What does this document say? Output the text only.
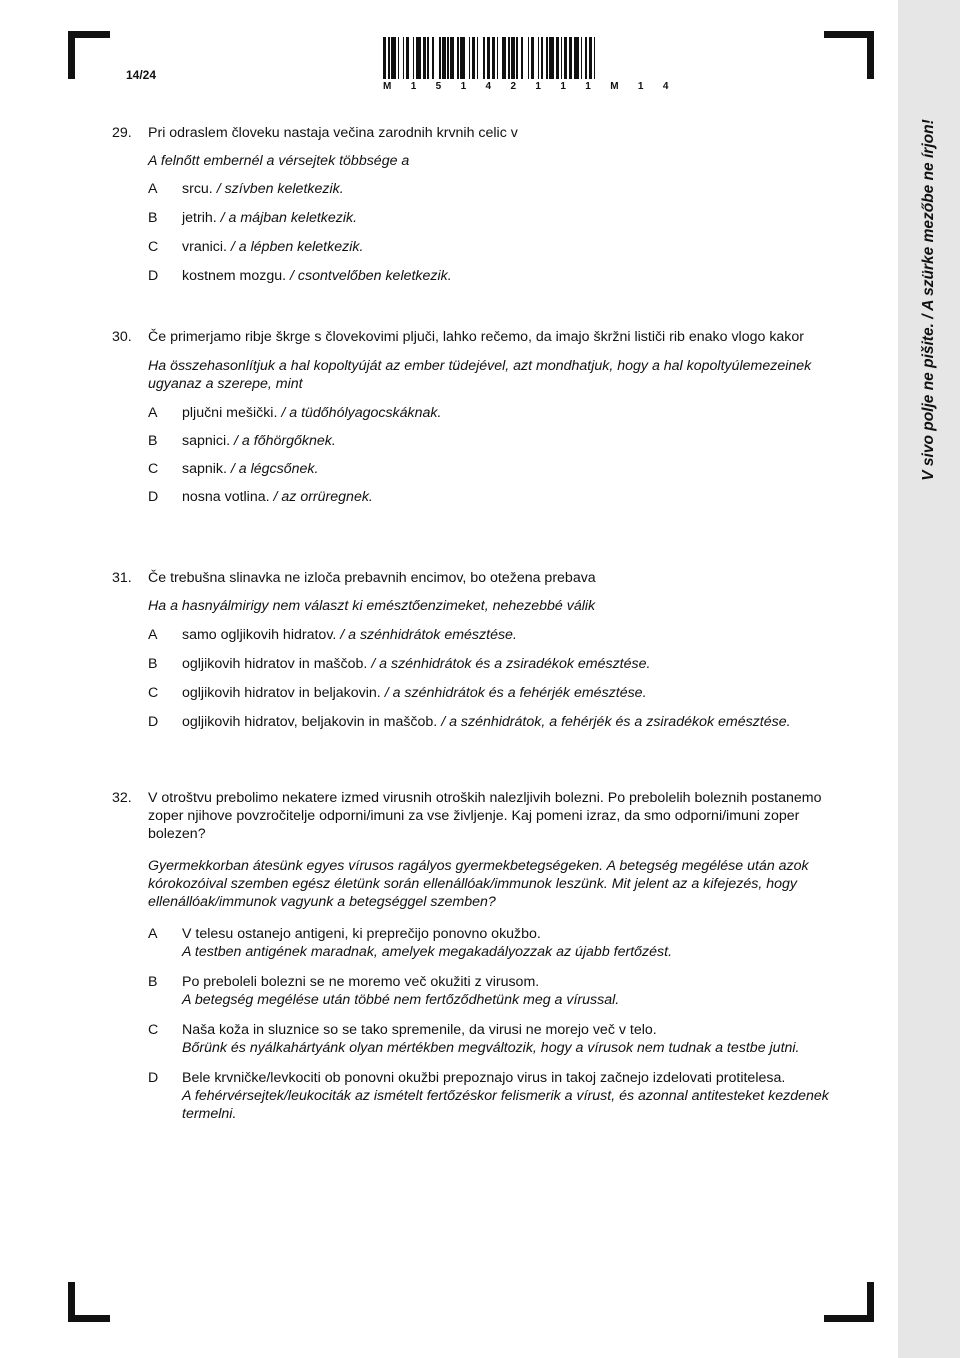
V sivo polje ne pišite. / A szürke mezőbe ne írjon!
14/24
M 1 5 1 4 2 1 1 1 M 1 4
29. Pri odraslem človeku nastaja večina zarodnih krvnih celic v

A felnőtt embernél a vérsejtek többsége a

A srcu. / szívben keletkezik.
B jetrih. / a májban keletkezik.
C vranici. / a lépben keletkezik.
D kostnem mozgu. / csontvelőben keletkezik.
30. Če primerjamo ribje škrge s človekovimi pljuči, lahko rečemo, da imajo škržni lističi rib enako vlogo kakor

Ha összehasonlítjuk a hal kopoltyúját az ember tüdejével, azt mondhatjuk, hogy a hal kopoltyúlemezeinek ugyanaz a szerepe, mint

A pljučni mešički. / a tüdőhólyagocskáknak.
B sapnici. / a főhörgőknek.
C sapnik. / a légcsőnek.
D nosna votlina. / az orrüregnek.
31. Če trebušna slinavka ne izloča prebavnih encimov, bo otežena prebava

Ha a hasnyálmirigy nem választ ki emésztőenzimeket, nehezebbé válik

A samo ogljikovih hidratov. / a szénhidrátok emésztése.
B ogljikovih hidratov in maščob. / a szénhidrátok és a zsiradékok emésztése.
C ogljikovih hidratov in beljakovin. / a szénhidrátok és a fehérjék emésztése.
D ogljikovih hidratov, beljakovin in maščob. / a szénhidrátok, a fehérjék és a zsiradékok emésztése.
32. V otroštvu prebolimo nekatere izmed virusnih otroških nalezljivih bolezni. Po prebolelih boleznih postanemo zoper njihove povzročitelje odporni/imuni za vse življenje. Kaj pomeni izraz, da smo odporni/imuni zoper bolezen?

Gyermekkorban átesünk egyes vírusos ragályos gyermekbetegségeken. A betegség megélése után azok kórokozóival szemben egész életünk során ellenállóak/immunok leszünk. Mit jelent az a kifejezés, hogy ellenállóak/immunok vagyunk a betegséggel szemben?

A V telesu ostanejo antigeni, ki preprečijo ponovno okužbo.
A testben antigének maradnak, amelyek megakadályozzak az újabb fertőzést.
B Po preboleli bolezni se ne moremo več okužiti z virusom.
A betegség megélése után többé nem fertőződhetünk meg a vírussal.
C Naša koža in sluznice so se tako spremenile, da virusi ne morejo več v telo.
Bőrünk és nyálkahártyánk olyan mértékben megváltozik, hogy a vírusok nem tudnak a testbe jutni.
D Bele krvničke/levkociti ob ponovni okužbi prepoznajo virus in takoj začnejo izdelovati protitelesa.
A fehérvérsejtek/leukociták az ismételt fertőzéskor felismerik a vírust, és azonnal antitesteket kezdenek termelni.
